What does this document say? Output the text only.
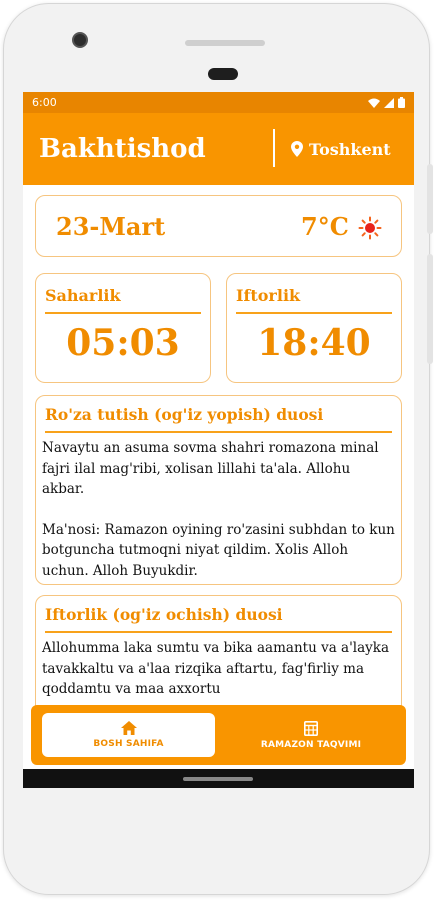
6:00
Bakhtishod	Toshkent
23-Mart	7°C
Saharlik
05:03
Iftorlik
18:40
Ro'za tutish (og'iz yopish) duosi

Navaytu an asuma sovma shahri romazona minal fajri ilal mag'ribi, xolisan lillahi ta'ala. Allohu akbar.

Ma'nosi: Ramazon oyining ro'zasini subhdan to kun botguncha tutmoqni niyat qildim. Xolis Alloh uchun. Alloh Buyukdir.

Iftorlik (og'iz ochish) duosi

Allohumma laka sumtu va bika aamantu va a'layka tavakkaltu va a'laa rizqika aftartu, fag'firliy ma qoddamtu va maa axxortu

BOSH SAHIFA	RAMAZON TAQVIMI
